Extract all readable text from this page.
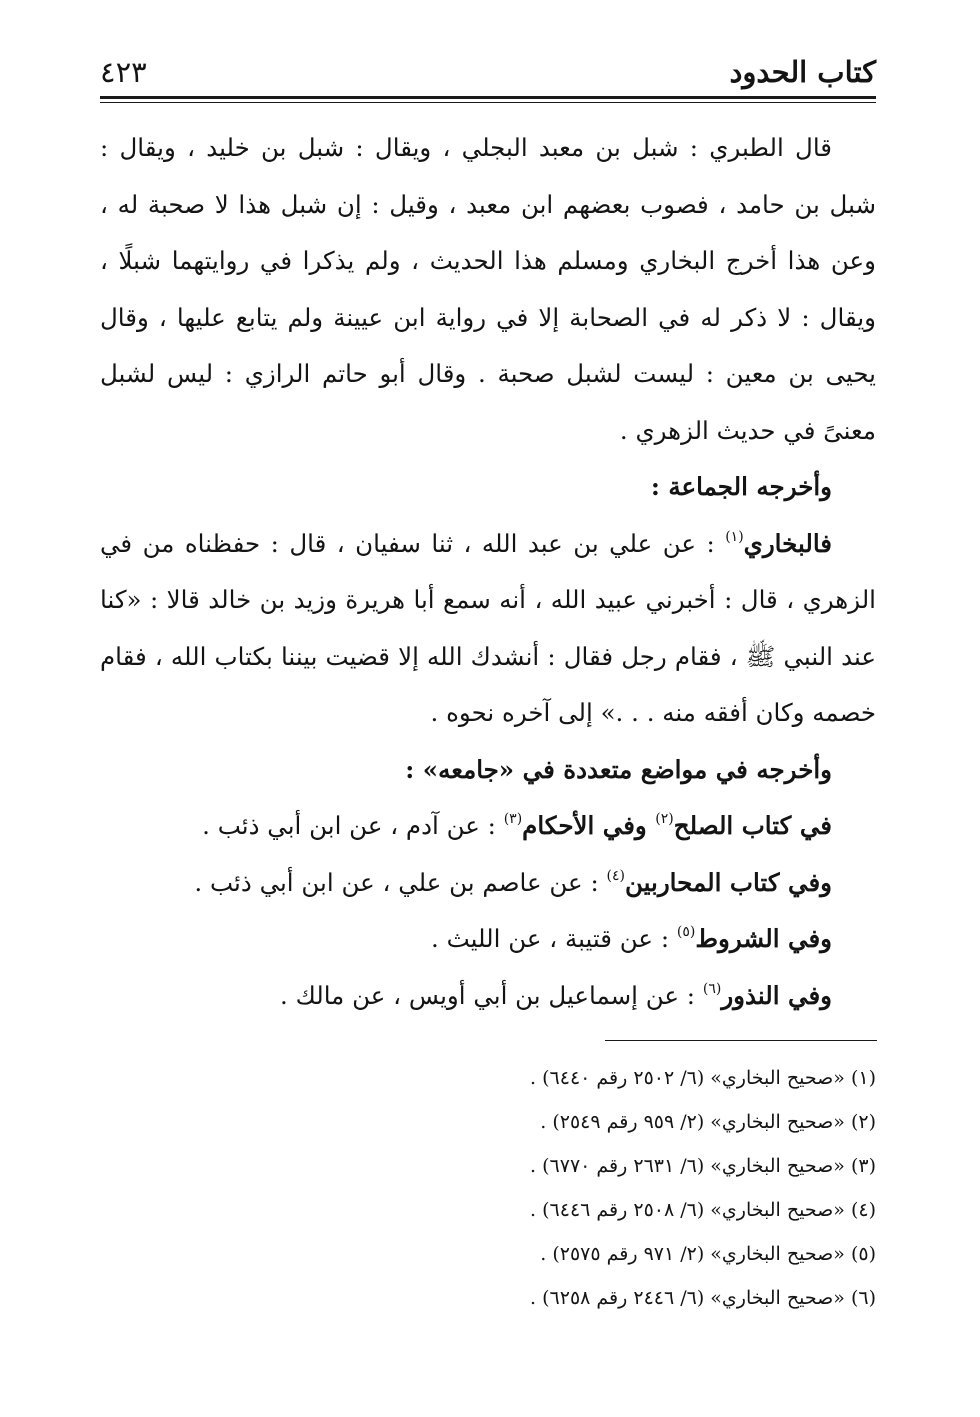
كتاب الحدود
٤٢٣

قال الطبري : شبل بن معبد البجلي ، ويقال : شبل بن خليد ، ويقال : شبل بن حامد ، فصوب بعضهم ابن معبد ، وقيل : إن شبل هذا لا صحبة له ، وعن هذا أخرج البخاري ومسلم هذا الحديث ، ولم يذكرا في روايتهما شبلًا ، ويقال : لا ذكر له في الصحابة إلا في رواية ابن عيينة ولم يتابع عليها ، وقال يحيى بن معين : ليست لشبل صحبة . وقال أبو حاتم الرازي : ليس لشبل معنىً في حديث الزهري .

وأخرجه الجماعة :

فالبخاري$^{(١)}$ : عن علي بن عبد الله ، ثنا سفيان ، قال : حفظناه من في الزهري ، قال : أخبرني عبيد الله ، أنه سمع أبا هريرة وزيد بن خالد قالا : «كنا عند النبي ﷺ ، فقام رجل فقال : أنشدك الله إلا قضيت بيننا بكتاب الله ، فقام خصمه وكان أفقه منه . . .» إلى آخره نحوه .

وأخرجه في مواضع متعددة في «جامعه» :

في كتاب الصلح$^{(٢)}$ وفي الأحكام$^{(٣)}$ : عن آدم ، عن ابن أبي ذئب .

وفي كتاب المحاربين$^{(٤)}$ : عن عاصم بن علي ، عن ابن أبي ذئب .

وفي الشروط$^{(٥)}$ : عن قتيبة ، عن الليث .

وفي النذور$^{(٦)}$ : عن إسماعيل بن أبي أويس ، عن مالك .

(١) «صحيح البخاري» (٦/ ٢٥٠٢ رقم ٦٤٤٠) .
(٢) «صحيح البخاري» (٢/ ٩٥٩ رقم ٢٥٤٩) .
(٣) «صحيح البخاري» (٦/ ٢٦٣١ رقم ٦٧٧٠) .
(٤) «صحيح البخاري» (٦/ ٢٥٠٨ رقم ٦٤٤٦) .
(٥) «صحيح البخاري» (٢/ ٩٧١ رقم ٢٥٧٥) .
(٦) «صحيح البخاري» (٦/ ٢٤٤٦ رقم ٦٢٥٨) .
